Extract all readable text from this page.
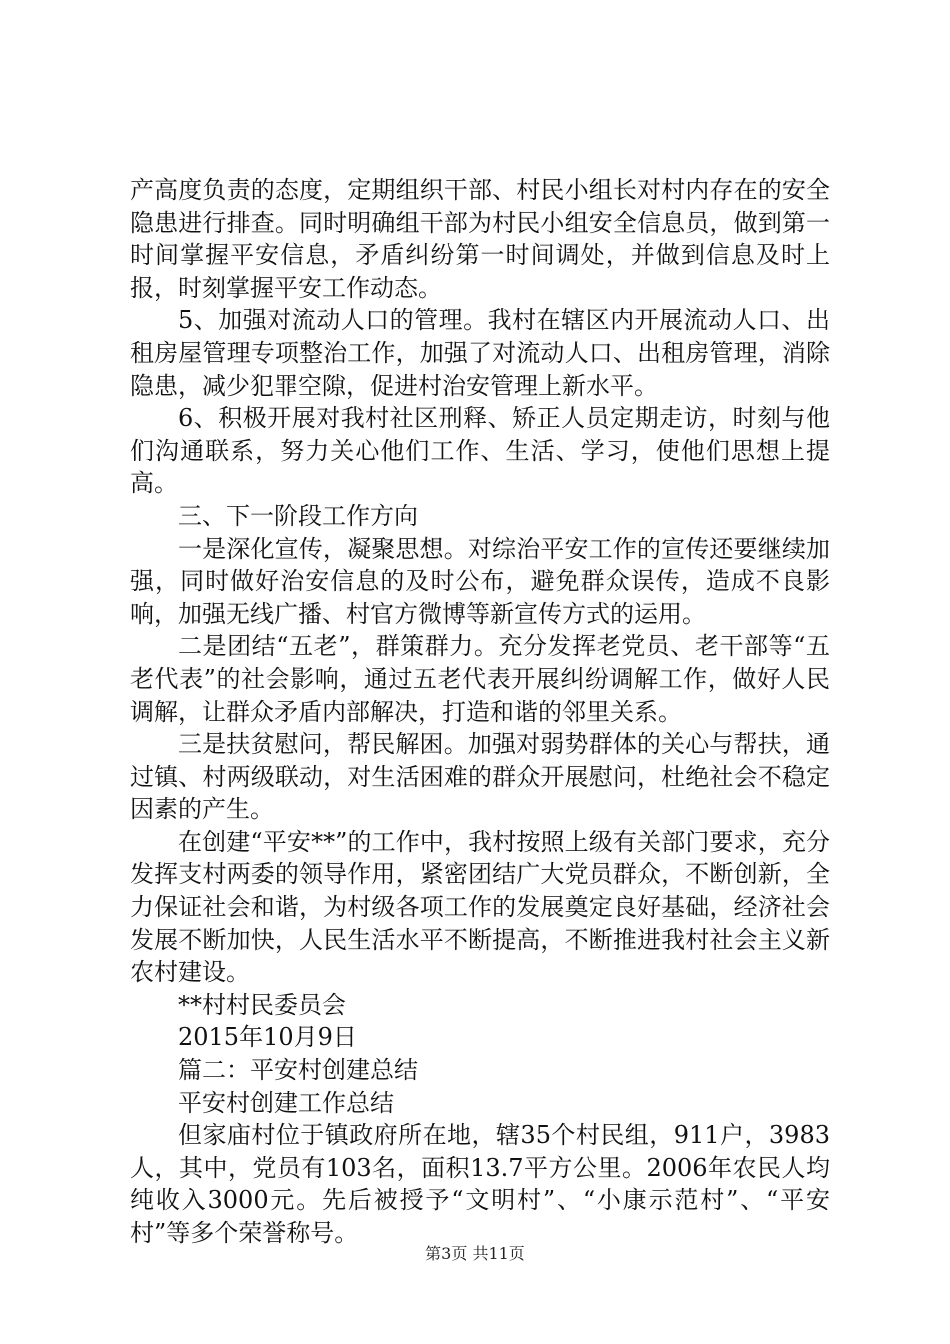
产高度负责的态度，定期组织干部、村民小组长对村内存在的安全隐患进行排查。同时明确组干部为村民小组安全信息员，做到第一时间掌握平安信息，矛盾纠纷第一时间调处，并做到信息及时上报，时刻掌握平安工作动态。

5、加强对流动人口的管理。我村在辖区内开展流动人口、出租房屋管理专项整治工作，加强了对流动人口、出租房管理，消除隐患，减少犯罪空隙，促进村治安管理上新水平。

6、积极开展对我村社区刑释、矫正人员定期走访，时刻与他们沟通联系，努力关心他们工作、生活、学习，使他们思想上提高。

三、下一阶段工作方向

一是深化宣传，凝聚思想。对综治平安工作的宣传还要继续加强，同时做好治安信息的及时公布，避免群众误传，造成不良影响，加强无线广播、村官方微博等新宣传方式的运用。

二是团结“五老”，群策群力。充分发挥老党员、老干部等“五老代表”的社会影响，通过五老代表开展纠纷调解工作，做好人民调解，让群众矛盾内部解决，打造和谐的邻里关系。

三是扶贫慰问，帮民解困。加强对弱势群体的关心与帮扶，通过镇、村两级联动，对生活困难的群众开展慰问，杜绝社会不稳定因素的产生。

在创建“平安**”的工作中，我村按照上级有关部门要求，充分发挥支村两委的领导作用，紧密团结广大党员群众，不断创新，全力保证社会和谐，为村级各项工作的发展奠定良好基础，经济社会发展不断加快，人民生活水平不断提高，不断推进我村社会主义新农村建设。

**村村民委员会

2015年10月9日

篇二：平安村创建总结

平安村创建工作总结

但家庙村位于镇政府所在地，辖35个村民组，911户，3983人，其中，党员有103名，面积13.7平方公里。2006年农民人均纯收入3000元。先后被授予“文明村”、“小康示范村”、“平安村”等多个荣誉称号。

第3页 共11页
